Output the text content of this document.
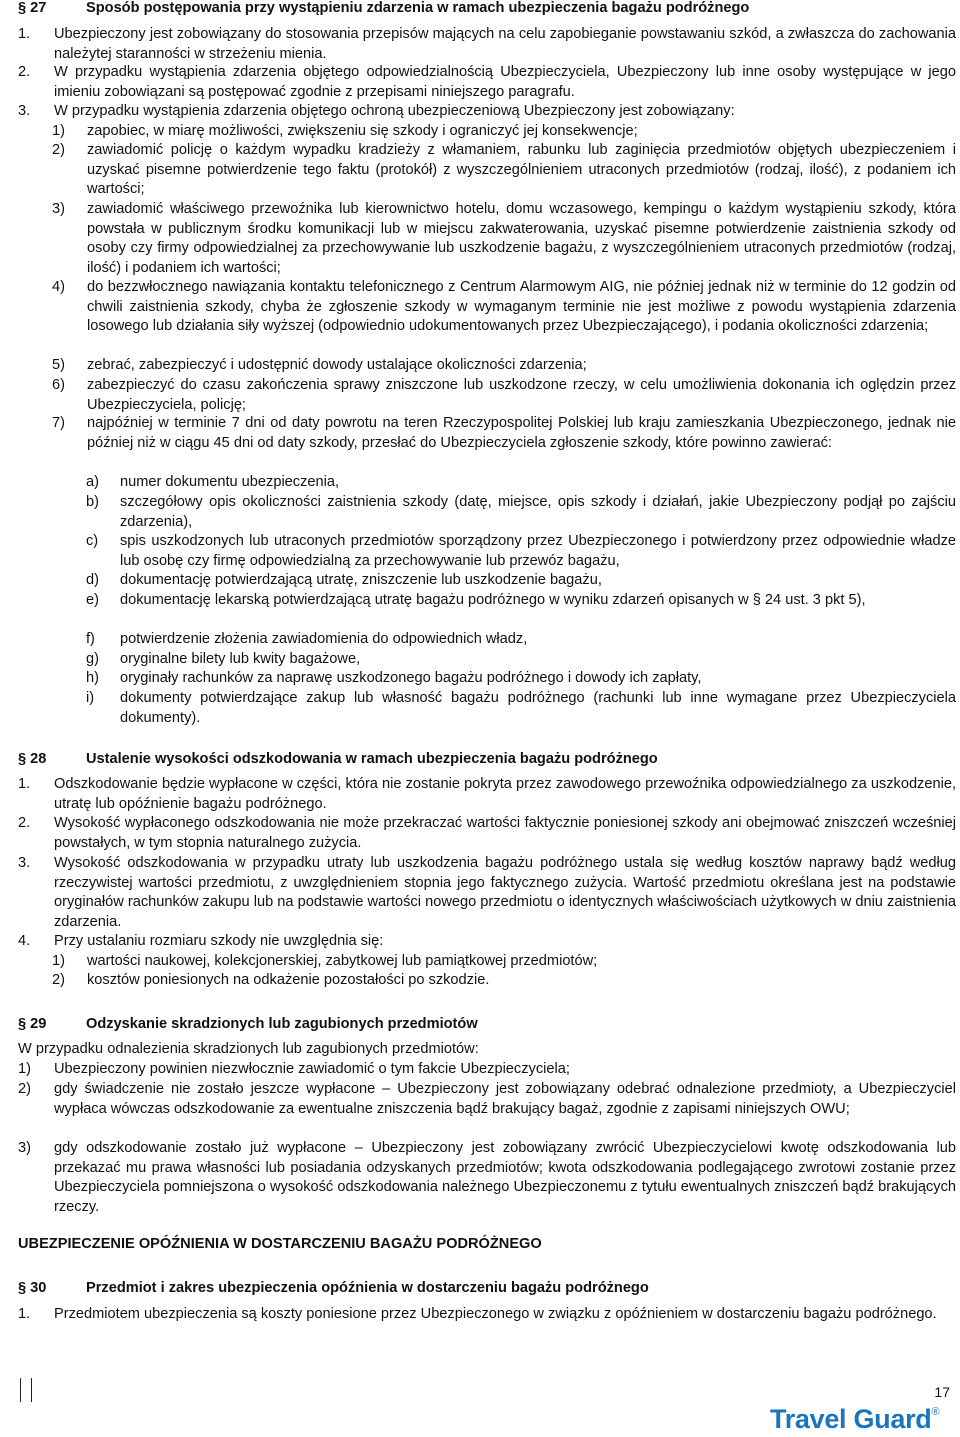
§ 27	Sposób postępowania przy wystąpieniu zdarzenia w ramach ubezpieczenia bagażu podróżnego
1. Ubezpieczony jest zobowiązany do stosowania przepisów mających na celu zapobieganie powstawaniu szkód, a zwłaszcza do zachowania należytej staranności w strzeżeniu mienia.
2. W przypadku wystąpienia zdarzenia objętego odpowiedzialnością Ubezpieczyciela, Ubezpieczony lub inne osoby występujące w jego imieniu zobowiązani są postępować zgodnie z przepisami niniejszego paragrafu.
3. W przypadku wystąpienia zdarzenia objętego ochroną ubezpieczeniową Ubezpieczony jest zobowiązany:
1) zapobiec, w miarę możliwości, zwiększeniu się szkody i ograniczyć jej konsekwencje;
2) zawiadomić policję o każdym wypadku kradzieży z włamaniem, rabunku lub zaginięcia przedmiotów objętych ubezpieczeniem i uzyskać pisemne potwierdzenie tego faktu (protokół) z wyszczególnieniem utraconych przedmiotów (rodzaj, ilość), z podaniem ich wartości;
3) zawiadomić właściwego przewoźnika lub kierownictwo hotelu, domu wczasowego, kempingu o każdym wystąpieniu szkody, która powstała w publicznym środku komunikacji lub w miejscu zakwaterowania, uzyskać pisemne potwierdzenie zaistnienia szkody od osoby czy firmy odpowiedzialnej za przechowywanie lub uszkodzenie bagażu, z wyszczególnieniem utraconych przedmiotów (rodzaj, ilość) i podaniem ich wartości;
4) do bezzwłocznego nawiązania kontaktu telefonicznego z Centrum Alarmowym AIG, nie później jednak niż w terminie do 12 godzin od chwili zaistnienia szkody, chyba że zgłoszenie szkody w wymaganym terminie nie jest możliwe z powodu wystąpienia zdarzenia losowego lub działania siły wyższej (odpowiednio udokumentowanych przez Ubezpieczającego), i podania okoliczności zdarzenia;
5) zebrać, zabezpieczyć i udostępnić dowody ustalające okoliczności zdarzenia;
6) zabezpieczyć do czasu zakończenia sprawy zniszczone lub uszkodzone rzeczy, w celu umożliwienia dokonania ich oględzin przez Ubezpieczyciela, policję;
7) najpóźniej w terminie 7 dni od daty powrotu na teren Rzeczypospolitej Polskiej lub kraju zamieszkania Ubezpieczonego, jednak nie później niż w ciągu 45 dni od daty szkody, przesłać do Ubezpieczyciela zgłoszenie szkody, które powinno zawierać:
a) numer dokumentu ubezpieczenia,
b) szczegółowy opis okoliczności zaistnienia szkody (datę, miejsce, opis szkody i działań, jakie Ubezpieczony podjął po zajściu zdarzenia),
c) spis uszkodzonych lub utraconych przedmiotów sporządzony przez Ubezpieczonego i potwierdzony przez odpowiednie władze lub osobę czy firmę odpowiedzialną za przechowywanie lub przewóz bagażu,
d) dokumentację potwierdzającą utratę, zniszczenie lub uszkodzenie bagażu,
e) dokumentację lekarską potwierdzającą utratę bagażu podróżnego w wyniku zdarzeń opisanych w § 24 ust. 3 pkt 5),
f) potwierdzenie złożenia zawiadomienia do odpowiednich władz,
g) oryginalne bilety lub kwity bagażowe,
h) oryginały rachunków za naprawę uszkodzonego bagażu podróżnego i dowody ich zapłaty,
i) dokumenty potwierdzające zakup lub własność bagażu podróżnego (rachunki lub inne wymagane przez Ubezpieczyciela dokumenty).
§ 28	Ustalenie wysokości odszkodowania w ramach ubezpieczenia bagażu podróżnego
1. Odszkodowanie będzie wypłacone w części, która nie zostanie pokryta przez zawodowego przewoźnika odpowiedzialnego za uszkodzenie, utratę lub opóźnienie bagażu podróżnego.
2. Wysokość wypłaconego odszkodowania nie może przekraczać wartości faktycznie poniesionej szkody ani obejmować zniszczeń wcześniej powstałych, w tym stopnia naturalnego zużycia.
3. Wysokość odszkodowania w przypadku utraty lub uszkodzenia bagażu podróżnego ustala się według kosztów naprawy bądź według rzeczywistej wartości przedmiotu, z uwzględnieniem stopnia jego faktycznego zużycia. Wartość przedmiotu określana jest na podstawie oryginałów rachunków zakupu lub na podstawie wartości nowego przedmiotu o identycznych właściwościach użytkowych w dniu zaistnienia zdarzenia.
4. Przy ustalaniu rozmiaru szkody nie uwzględnia się:
1) wartości naukowej, kolekcjonerskiej, zabytkowej lub pamiątkowej przedmiotów;
2) kosztów poniesionych na odkażenie pozostałości po szkodzie.
§ 29	Odzyskanie skradzionych lub zagubionych przedmiotów
W przypadku odnalezienia skradzionych lub zagubionych przedmiotów:
1) Ubezpieczony powinien niezwłocznie zawiadomić o tym fakcie Ubezpieczyciela;
2) gdy świadczenie nie zostało jeszcze wypłacone – Ubezpieczony jest zobowiązany odebrać odnalezione przedmioty, a Ubezpieczyciel wypłaca wówczas odszkodowanie za ewentualne zniszczenia bądź brakujący bagaż, zgodnie z zapisami niniejszych OWU;
3) gdy odszkodowanie zostało już wypłacone – Ubezpieczony jest zobowiązany zwrócić Ubezpieczycielowi kwotę odszkodowania lub przekazać mu prawa własności lub posiadania odzyskanych przedmiotów; kwota odszkodowania podlegającego zwrotowi zostanie przez Ubezpieczyciela pomniejszona o wysokość odszkodowania należnego Ubezpieczonemu z tytułu ewentualnych zniszczeń bądź brakujących rzeczy.
UBEZPIECZENIE OPÓŹNIENIA W DOSTARCZENIU BAGAŻU PODRÓŻNEGO
§ 30	Przedmiot i zakres ubezpieczenia opóźnienia w dostarczeniu bagażu podróżnego
1. Przedmiotem ubezpieczenia są koszty poniesione przez Ubezpieczonego w związku z opóźnieniem w dostarczeniu bagażu podróżnego.
17
Travel Guard®
